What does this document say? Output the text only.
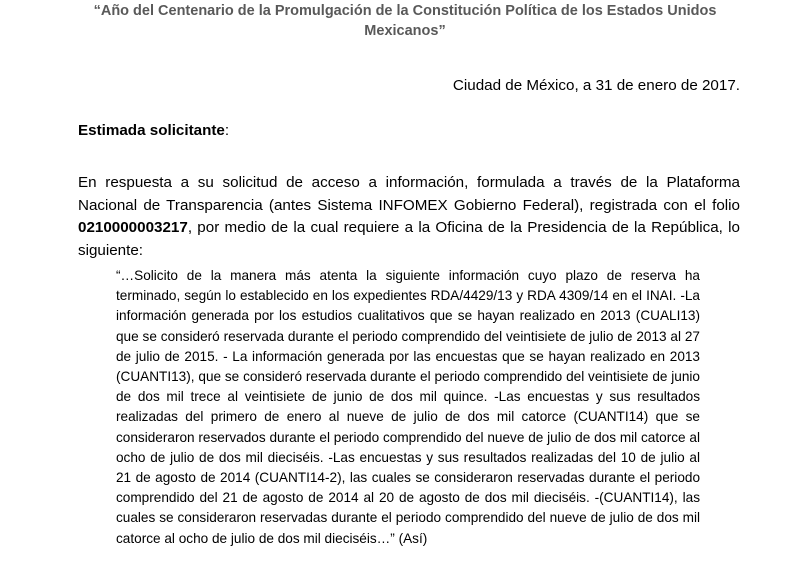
“Año del Centenario de la Promulgación de la Constitución Política de los Estados Unidos Mexicanos”
Ciudad de México, a 31 de enero de 2017.
Estimada solicitante:
En respuesta a su solicitud de acceso a información, formulada a través de la Plataforma Nacional de Transparencia (antes Sistema INFOMEX Gobierno Federal), registrada con el folio 0210000003217, por medio de la cual requiere a la Oficina de la Presidencia de la República, lo siguiente:
“…Solicito de la manera más atenta la siguiente información cuyo plazo de reserva ha terminado, según lo establecido en los expedientes RDA/4429/13 y RDA 4309/14 en el INAI. -La información generada por los estudios cualitativos que se hayan realizado en 2013 (CUALI13) que se consideró reservada durante el periodo comprendido del veintisiete de julio de 2013 al 27 de julio de 2015. - La información generada por las encuestas que se hayan realizado en 2013 (CUANTI13), que se consideró reservada durante el periodo comprendido del veintisiete de junio de dos mil trece al veintisiete de junio de dos mil quince. -Las encuestas y sus resultados realizadas del primero de enero al nueve de julio de dos mil catorce (CUANTI14) que se consideraron reservados durante el periodo comprendido del nueve de julio de dos mil catorce al ocho de julio de dos mil dieciséis. -Las encuestas y sus resultados realizadas del 10 de julio al 21 de agosto de 2014 (CUANTI14-2), las cuales se consideraron reservadas durante el periodo comprendido del 21 de agosto de 2014 al 20 de agosto de dos mil dieciséis. -(CUANTI14), las cuales se consideraron reservadas durante el periodo comprendido del nueve de julio de dos mil catorce al ocho de julio de dos mil dieciséis…” (Así)
